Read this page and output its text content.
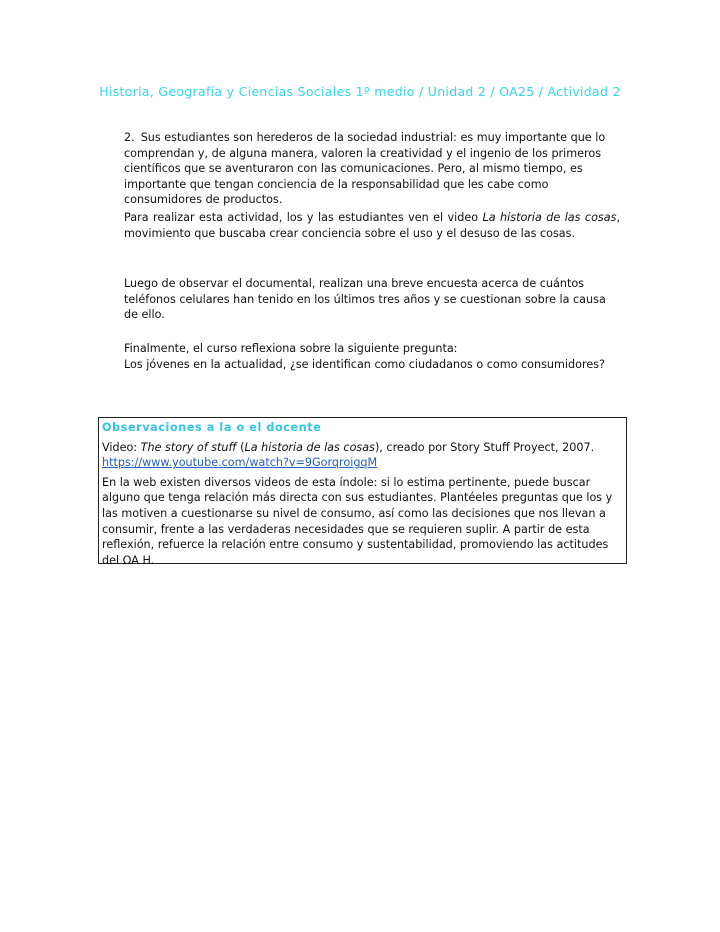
Historia, Geografía y Ciencias Sociales 1º medio / Unidad 2 / OA25 / Actividad 2
2. Sus estudiantes son herederos de la sociedad industrial: es muy importante que lo comprendan y, de alguna manera, valoren la creatividad y el ingenio de los primeros científicos que se aventuraron con las comunicaciones. Pero, al mismo tiempo, es importante que tengan conciencia de la responsabilidad que les cabe como consumidores de productos.
Para realizar esta actividad, los y las estudiantes ven el video La historia de las cosas, movimiento que buscaba crear conciencia sobre el uso y el desuso de las cosas.
Luego de observar el documental, realizan una breve encuesta acerca de cuántos teléfonos celulares han tenido en los últimos tres años y se cuestionan sobre la causa de ello.
Finalmente, el curso reflexiona sobre la siguiente pregunta:
Los jóvenes en la actualidad, ¿se identifican como ciudadanos o como consumidores?
Observaciones a la o el docente
Video: The story of stuff (La historia de las cosas), creado por Story Stuff Proyect, 2007. https://www.youtube.com/watch?v=9GorqroigqM
En la web existen diversos videos de esta índole: si lo estima pertinente, puede buscar alguno que tenga relación más directa con sus estudiantes. Plantéeles preguntas que los y las motiven a cuestionarse su nivel de consumo, así como las decisiones que nos llevan a consumir, frente a las verdaderas necesidades que se requieren suplir. A partir de esta reflexión, refuerce la relación entre consumo y sustentabilidad, promoviendo las actitudes del OA H.
